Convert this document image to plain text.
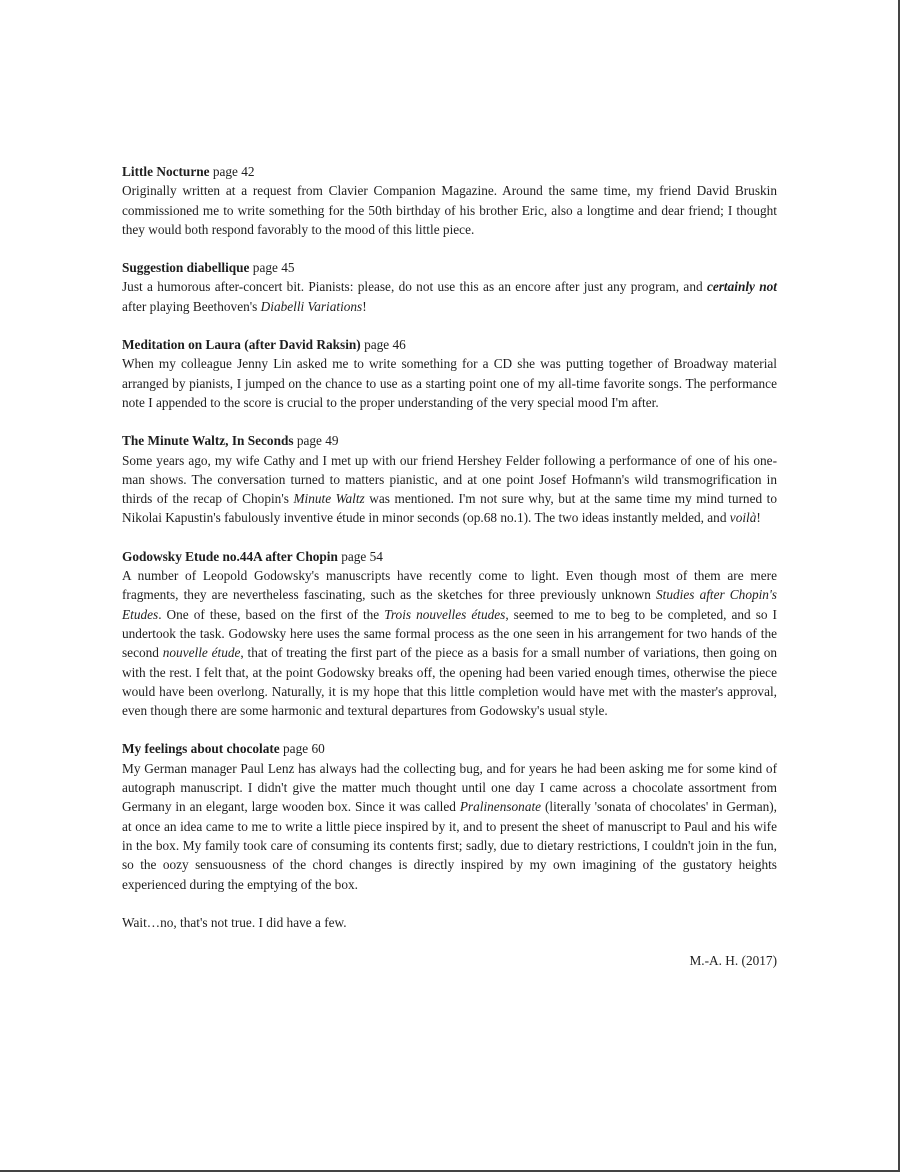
Little Nocturne page 42

Originally written at a request from Clavier Companion Magazine. Around the same time, my friend David Bruskin commissioned me to write something for the 50th birthday of his brother Eric, also a longtime and dear friend; I thought they would both respond favorably to the mood of this little piece.

Suggestion diabellique page 45

Just a humorous after-concert bit. Pianists: please, do not use this as an encore after just any program, and certainly not after playing Beethoven's Diabelli Variations!

Meditation on Laura (after David Raksin) page 46

When my colleague Jenny Lin asked me to write something for a CD she was putting together of Broadway material arranged by pianists, I jumped on the chance to use as a starting point one of my all-time favorite songs. The performance note I appended to the score is crucial to the proper understanding of the very special mood I'm after.

The Minute Waltz, In Seconds page 49

Some years ago, my wife Cathy and I met up with our friend Hershey Felder following a performance of one of his one-man shows. The conversation turned to matters pianistic, and at one point Josef Hofmann's wild transmogrification in thirds of the recap of Chopin's Minute Waltz was mentioned. I'm not sure why, but at the same time my mind turned to Nikolai Kapustin's fabulously inventive étude in minor seconds (op.68 no.1). The two ideas instantly melded, and voilà!

Godowsky Etude no.44A after Chopin page 54

A number of Leopold Godowsky's manuscripts have recently come to light. Even though most of them are mere fragments, they are nevertheless fascinating, such as the sketches for three previously unknown Studies after Chopin's Etudes. One of these, based on the first of the Trois nouvelles études, seemed to me to beg to be completed, and so I undertook the task. Godowsky here uses the same formal process as the one seen in his arrangement for two hands of the second nouvelle étude, that of treating the first part of the piece as a basis for a small number of variations, then going on with the rest. I felt that, at the point Godowsky breaks off, the opening had been varied enough times, otherwise the piece would have been overlong. Naturally, it is my hope that this little completion would have met with the master's approval, even though there are some harmonic and textural departures from Godowsky's usual style.

My feelings about chocolate page 60

My German manager Paul Lenz has always had the collecting bug, and for years he had been asking me for some kind of autograph manuscript. I didn't give the matter much thought until one day I came across a chocolate assortment from Germany in an elegant, large wooden box. Since it was called Pralinensonate (literally 'sonata of chocolates' in German), at once an idea came to me to write a little piece inspired by it, and to present the sheet of manuscript to Paul and his wife in the box. My family took care of consuming its contents first; sadly, due to dietary restrictions, I couldn't join in the fun, so the oozy sensuousness of the chord changes is directly inspired by my own imagining of the gustatory heights experienced during the emptying of the box.

Wait…no, that's not true. I did have a few.

M.-A. H. (2017)
